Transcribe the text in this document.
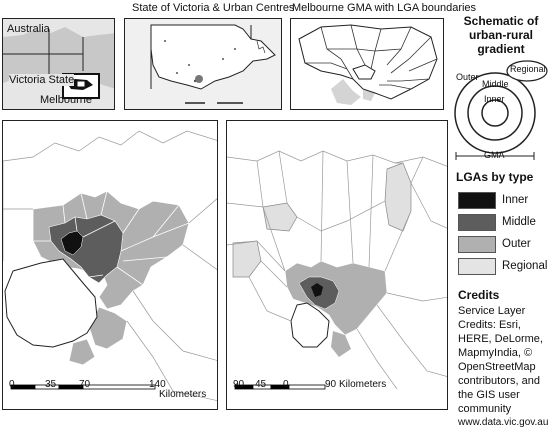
Australia
Victoria State
Melbourne
State of Victoria & Urban Centres
Melbourne GMA with LGA boundaries
Schematic of
urban-rural
gradient
Regional
Outer
Middle
Inner
GMA
0	35 70	140
Kilometers
90 45 0	90 Kilometers
LGAs by type
Inner
Middle
Outer
Regional
Credits
Service Layer
Credits: Esri,
HERE, DeLorme,
MapmyIndia, ©
OpenStreetMap
contributors, and
the GIS user
community
www.data.vic.gov.au
